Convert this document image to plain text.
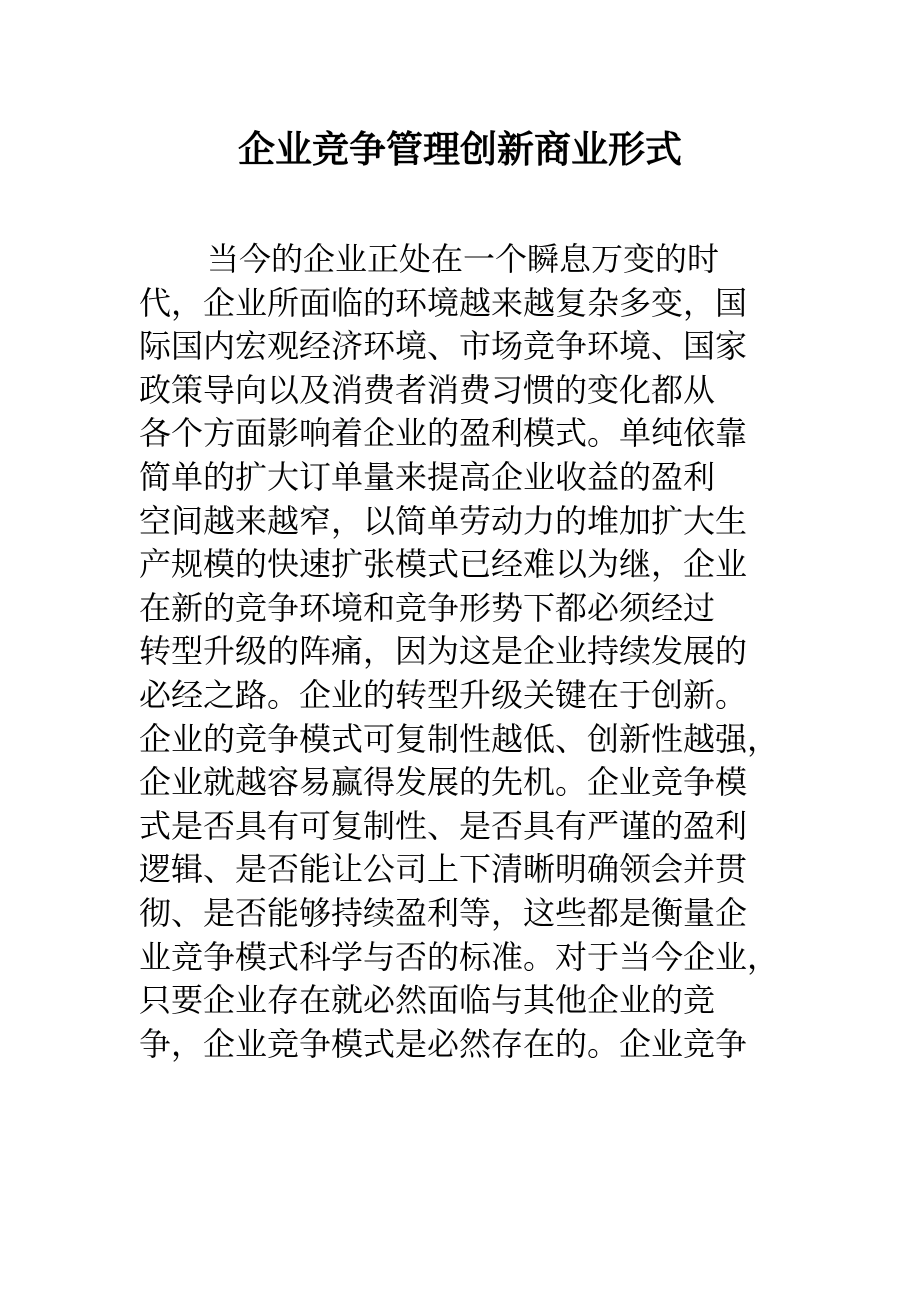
企业竞争管理创新商业形式
当今的企业正处在一个瞬息万变的时
代，企业所面临的环境越来越复杂多变，国
际国内宏观经济环境、市场竞争环境、国家
政策导向以及消费者消费习惯的变化都从
各个方面影响着企业的盈利模式。单纯依靠
简单的扩大订单量来提高企业收益的盈利
空间越来越窄，以简单劳动力的堆加扩大生
产规模的快速扩张模式已经难以为继，企业
在新的竞争环境和竞争形势下都必须经过
转型升级的阵痛，因为这是企业持续发展的
必经之路。企业的转型升级关键在于创新。
企业的竞争模式可复制性越低、创新性越强，
企业就越容易赢得发展的先机。企业竞争模
式是否具有可复制性、是否具有严谨的盈利
逻辑、是否能让公司上下清晰明确领会并贯
彻、是否能够持续盈利等，这些都是衡量企
业竞争模式科学与否的标准。对于当今企业，
只要企业存在就必然面临与其他企业的竞
争，企业竞争模式是必然存在的。企业竞争
